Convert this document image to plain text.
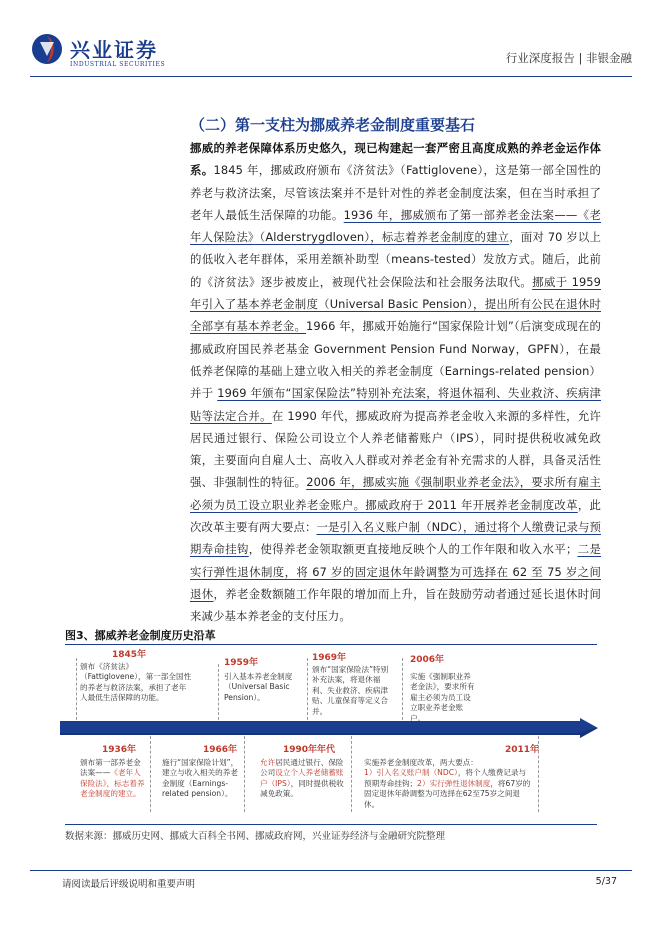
兴业证券
INDUSTRIAL SECURITIES	行业深度报告 | 非银金融
（二）第一支柱为挪威养老金制度重要基石
挪威的养老保障体系历史悠久，现已构建起一套严密且高度成熟的养老金运作体系。1845 年，挪威政府颁布《济贫法》（Fattiglovene），这是第一部全国性的养老与救济法案，尽管该法案并不是针对性的养老金制度法案，但在当时承担了老年人最低生活保障的功能。1936 年，挪威颁布了第一部养老金法案——《老年人保险法》（Alderstrygdloven），标志着养老金制度的建立，面对 70 岁以上的低收入老年群体，采用差额补助型（means-tested）发放方式。随后，此前的《济贫法》逐步被废止，被现代社会保险法和社会服务法取代。挪威于 1959 年引入了基本养老金制度（Universal Basic Pension），提出所有公民在退休时全部享有基本养老金。1966 年，挪威开始施行“国家保险计划”（后演变成现在的挪威政府国民养老基金 Government Pension Fund Norway，GPFN），在最低养老保障的基础上建立收入相关的养老金制度（Earnings-related pension）并于 1969 年颁布“国家保险法”特别补充法案，将退休福利、失业救济、疾病津贴等法定合并。在 1990 年代，挪威政府为提高养老金收入来源的多样性，允许居民通过银行、保险公司设立个人养老储蓄账户（IPS），同时提供税收减免政策，主要面向自雇人士、高收入人群或对养老金有补充需求的人群，具备灵活性强、非强制性的特征。2006 年，挪威实施《强制职业养老金法》，要求所有雇主必须为员工设立职业养老金账户。挪威政府于 2011 年开展养老金制度改革，此次改革主要有两大要点：一是引入名义账户制（NDC），通过将个人缴费记录与预期寿命挂钩，使得养老金领取额更直接地反映个人的工作年限和收入水平；二是实行弹性退休制度，将 67 岁的固定退休年龄调整为可选择在 62 至 75 岁之间退休，养老金数额随工作年限的增加而上升，旨在鼓励劳动者通过延长退休时间来减少基本养老金的支付压力。
图3、挪威养老金制度历史沿革
1845年
颁布《济贫法》（Fattiglovene），第一部全国性的养老与救济法案，承担了老年人最低生活保障的功能。
1959年
引入基本养老金制度（Universal Basic Pension）。
1969年
颁布“国家保险法”特别补充法案，将退休福利、失业救济、疾病津贴、儿童保育等定义合并。
2006年
实施《强制职业养老金法》，要求所有雇主必须为员工设立职业养老金账户。
1936年
颁布第一部养老金法案——《老年人保险法》，标志着养老金制度的建立。
1966年
施行“国家保险计划”，建立与收入相关的养老金制度（Earnings-related pension）。
1990年年代
允许居民通过银行、保险公司设立个人养老储蓄账户（IPS），同时提供税收减免政策。
2011年
实施养老金制度改革，两大要点：
1）引入名义账户制（NDC），将个人缴费记录与预期寿命挂钩；2）实行弹性退休制度，将67岁的固定退休年龄调整为可选择在62至75岁之间退休。
数据来源：挪威历史网、挪威大百科全书网、挪威政府网，兴业证券经济与金融研究院整理
请阅读最后评级说明和重要声明	5/37
